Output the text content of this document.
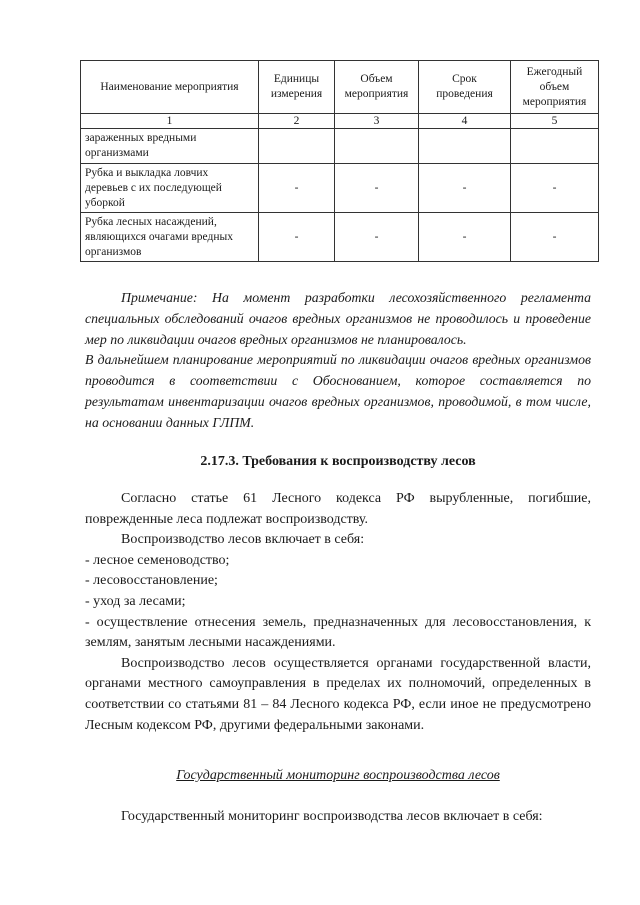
Наименование мероприятия	Единицы измерения	Объем мероприятия	Срок проведения	Ежегодный объем мероприятия
1	2	3	4	5
зараженных вредными организмами				
Рубка и выкладка ловчих деревьев с их последующей уборкой	-	-	-	-
Рубка лесных насаждений, являющихся очагами вредных организмов	-	-	-	-

Примечание: На момент разработки лесохозяйственного регламента специальных обследований очагов вредных организмов не проводилось и проведение мер по ликвидации очагов вредных организмов не планировалось.

В дальнейшем планирование мероприятий по ликвидации очагов вредных организмов проводится в соответствии с Обоснованием, которое составляется по результатам инвентаризации очагов вредных организмов, проводимой, в том числе, на основании данных ГЛПМ.

2.17.3. Требования к воспроизводству лесов

Согласно статье 61 Лесного кодекса РФ вырубленные, погибшие, поврежденные леса подлежат воспроизводству.

Воспроизводство лесов включает в себя:

- лесное семеноводство;

- лесовосстановление;

- уход за лесами;

- осуществление отнесения земель, предназначенных для лесовосстановления, к землям, занятым лесными насаждениями.

Воспроизводство лесов осуществляется органами государственной власти, органами местного самоуправления в пределах их полномочий, определенных в соответствии со статьями 81 – 84 Лесного кодекса РФ, если иное не предусмотрено Лесным кодексом РФ, другими федеральными законами.

Государственный мониторинг воспроизводства лесов

Государственный мониторинг воспроизводства лесов включает в себя:
